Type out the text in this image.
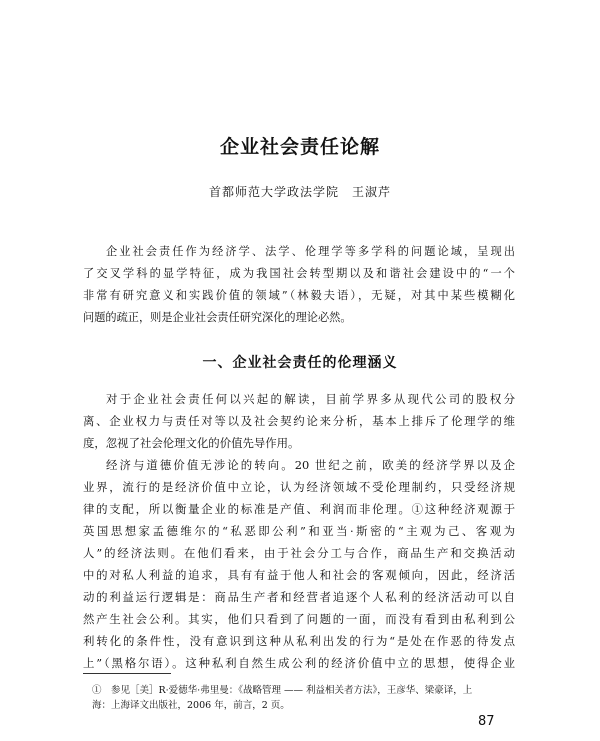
企业社会责任论解
首都师范大学政法学院　王淑芹
企业社会责任作为经济学、法学、伦理学等多学科的问题论域，呈现出
了交叉学科的显学特征，成为我国社会转型期以及和谐社会建设中的“一个
非常有研究意义和实践价值的领域”（林毅夫语），无疑，对其中某些模糊化
问题的疏正，则是企业社会责任研究深化的理论必然。
一、企业社会责任的伦理涵义
对于企业社会责任何以兴起的解读，目前学界多从现代公司的股权分
离、企业权力与责任对等以及社会契约论来分析，基本上排斥了伦理学的维
度，忽视了社会伦理文化的价值先导作用。
经济与道德价值无涉论的转向。20 世纪之前，欧美的经济学界以及企
业界，流行的是经济价值中立论，认为经济领域不受伦理制约，只受经济规
律的支配，所以衡量企业的标准是产值、利润而非伦理。①这种经济观源于
英国思想家孟德维尔的“私恶即公利”和亚当·斯密的“主观为己、客观为
人”的经济法则。在他们看来，由于社会分工与合作，商品生产和交换活动
中的对私人利益的追求，具有有益于他人和社会的客观倾向，因此，经济活
动的利益运行逻辑是：商品生产者和经营者追逐个人私利的经济活动可以自
然产生社会公利。其实，他们只看到了问题的一面，而没有看到由私利到公
利转化的条件性，没有意识到这种从私利出发的行为“是处在作恶的待发点
上”（黑格尔语）。这种私利自然生成公利的经济价值中立的思想，使得企业
①　参见［美］R·爱德华·弗里曼：《战略管理 —— 利益相关者方法》，王彦华、梁豪译，上
海：上海译文出版社，2006 年，前言，2 页。
87
